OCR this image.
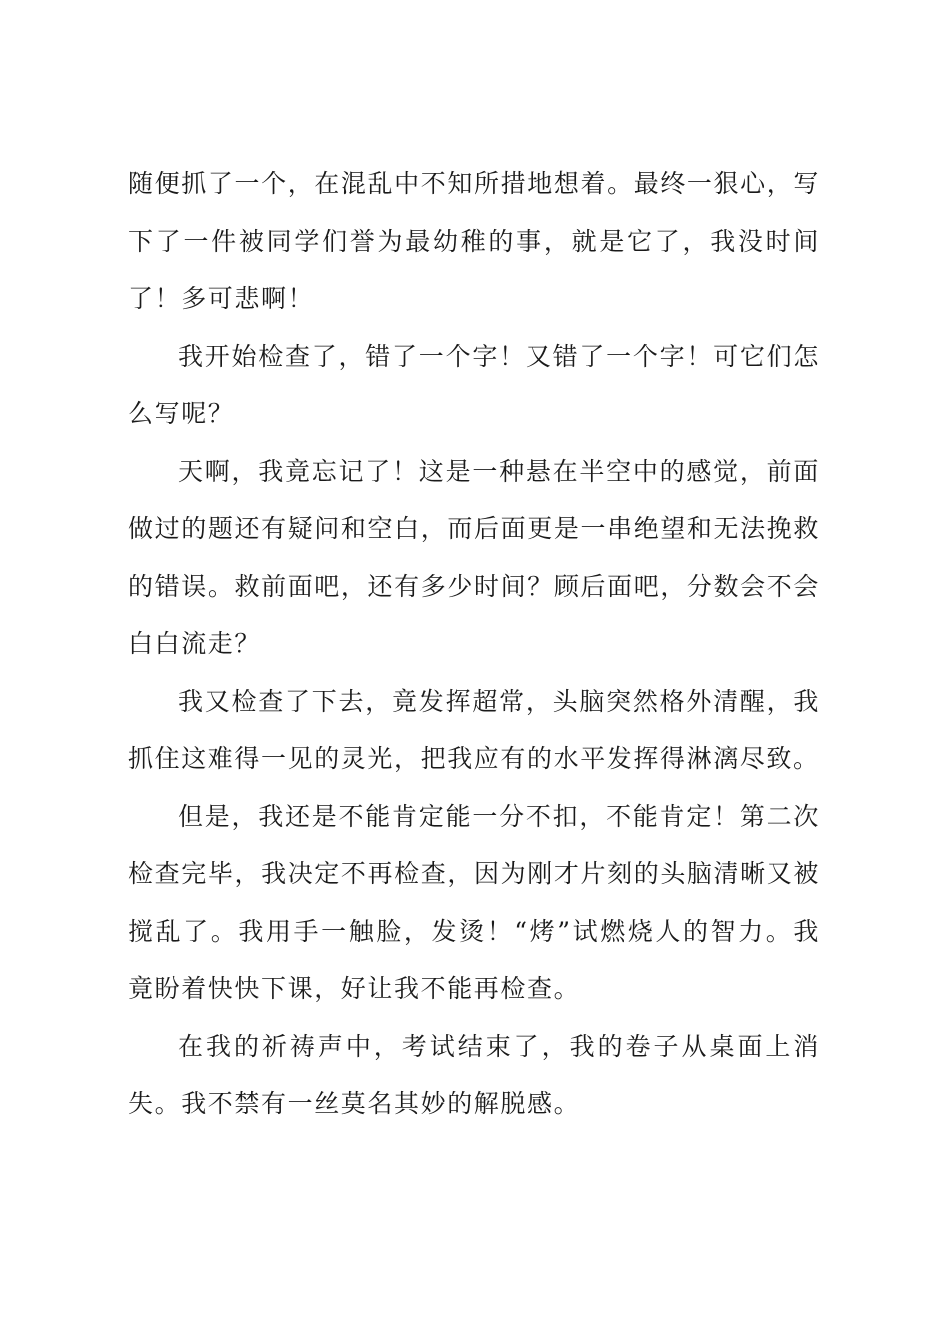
随便抓了一个，在混乱中不知所措地想着。最终一狠心，写下了一件被同学们誉为最幼稚的事，就是它了，我没时间了！多可悲啊！

我开始检查了，错了一个字！又错了一个字！可它们怎么写呢？

天啊，我竟忘记了！这是一种悬在半空中的感觉，前面做过的题还有疑问和空白，而后面更是一串绝望和无法挽救的错误。救前面吧，还有多少时间？顾后面吧，分数会不会白白流走？

我又检查了下去，竟发挥超常，头脑突然格外清醒，我抓住这难得一见的灵光，把我应有的水平发挥得淋漓尽致。

但是，我还是不能肯定能一分不扣，不能肯定！第二次检查完毕，我决定不再检查，因为刚才片刻的头脑清晰又被搅乱了。我用手一触脸，发烫！“烤”试燃烧人的智力。我竟盼着快快下课，好让我不能再检查。

在我的祈祷声中，考试结束了，我的卷子从桌面上消失。我不禁有一丝莫名其妙的解脱感。
